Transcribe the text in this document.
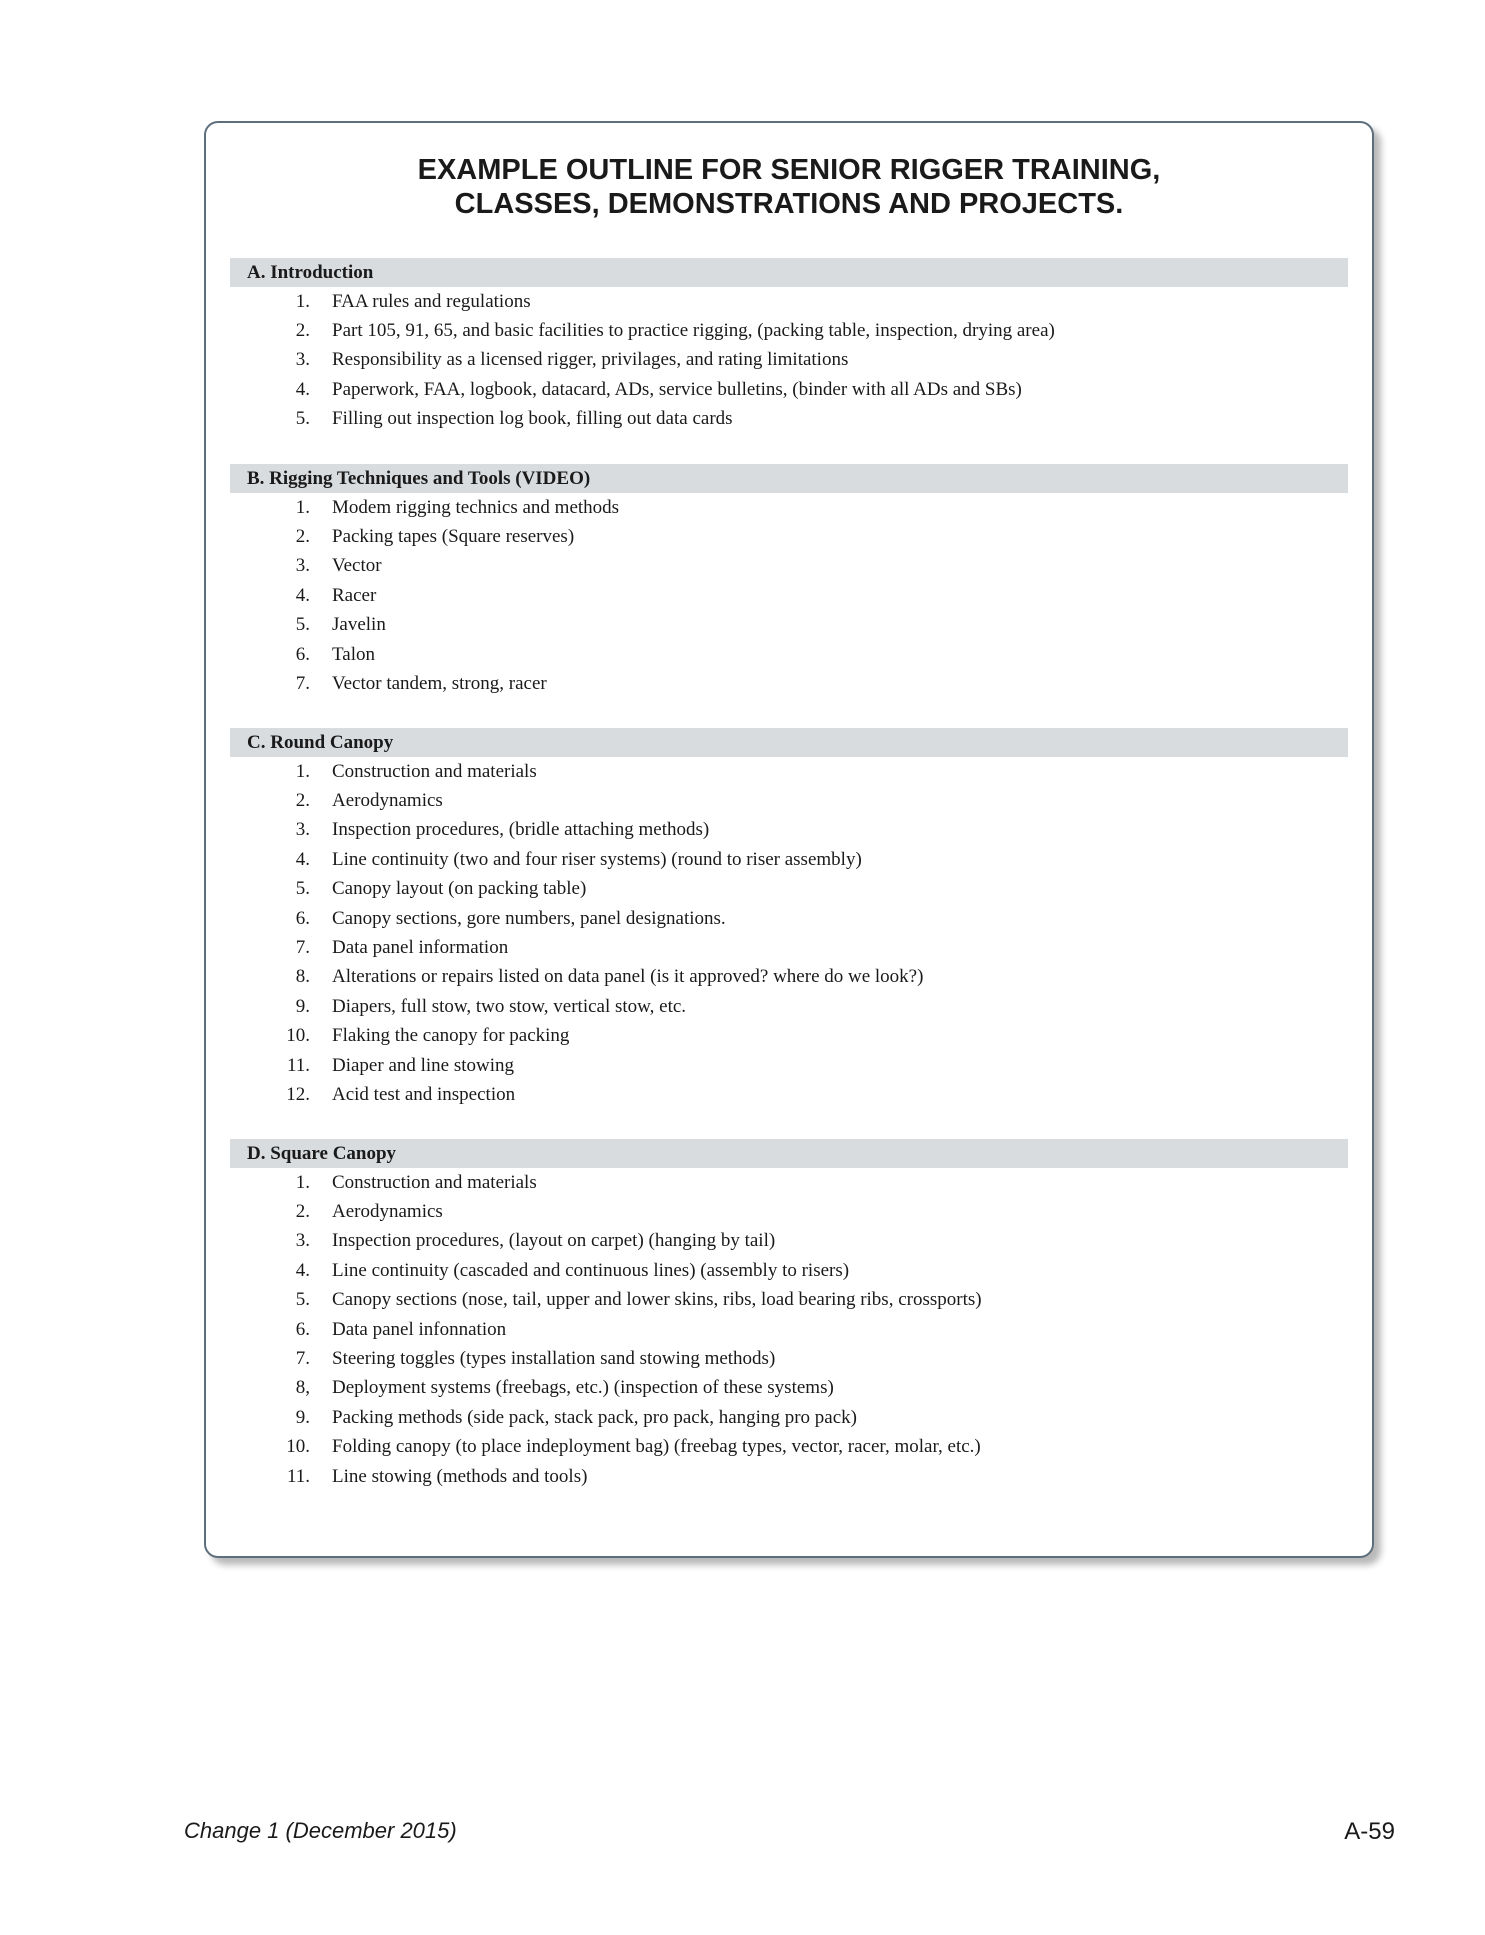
EXAMPLE OUTLINE FOR SENIOR RIGGER TRAINING,
CLASSES, DEMONSTRATIONS AND PROJECTS.
A. Introduction
1. FAA rules and regulations
2. Part 105, 91, 65, and basic facilities to practice rigging, (packing table, inspection, drying area)
3. Responsibility as a licensed rigger, privilages, and rating limitations
4. Paperwork, FAA, logbook, datacard, ADs, service bulletins, (binder with all ADs and SBs)
5. Filling out inspection log book, filling out data cards
B. Rigging Techniques and Tools (VIDEO)
1. Modem rigging technics and methods
2. Packing tapes (Square reserves)
3. Vector
4. Racer
5. Javelin
6. Talon
7. Vector tandem, strong, racer
C. Round Canopy
1. Construction and materials
2. Aerodynamics
3. Inspection procedures, (bridle attaching methods)
4. Line continuity (two and four riser systems) (round to riser assembly)
5. Canopy layout (on packing table)
6. Canopy sections, gore numbers, panel designations.
7. Data panel information
8. Alterations or repairs listed on data panel (is it approved? where do we look?)
9. Diapers, full stow, two stow, vertical stow, etc.
10. Flaking the canopy for packing
11. Diaper and line stowing
12. Acid test and inspection
D. Square Canopy
1. Construction and materials
2. Aerodynamics
3. Inspection procedures, (layout on carpet) (hanging by tail)
4. Line continuity (cascaded and continuous lines) (assembly to risers)
5. Canopy sections (nose, tail, upper and lower skins, ribs, load bearing ribs, crossports)
6. Data panel infonnation
7. Steering toggles (types installation sand stowing methods)
8, Deployment systems (freebags, etc.) (inspection of these systems)
9. Packing methods (side pack, stack pack, pro pack, hanging pro pack)
10. Folding canopy (to place indeployment bag) (freebag types, vector, racer, molar, etc.)
11. Line stowing (methods and tools)
Change 1 (December 2015)	A-59
